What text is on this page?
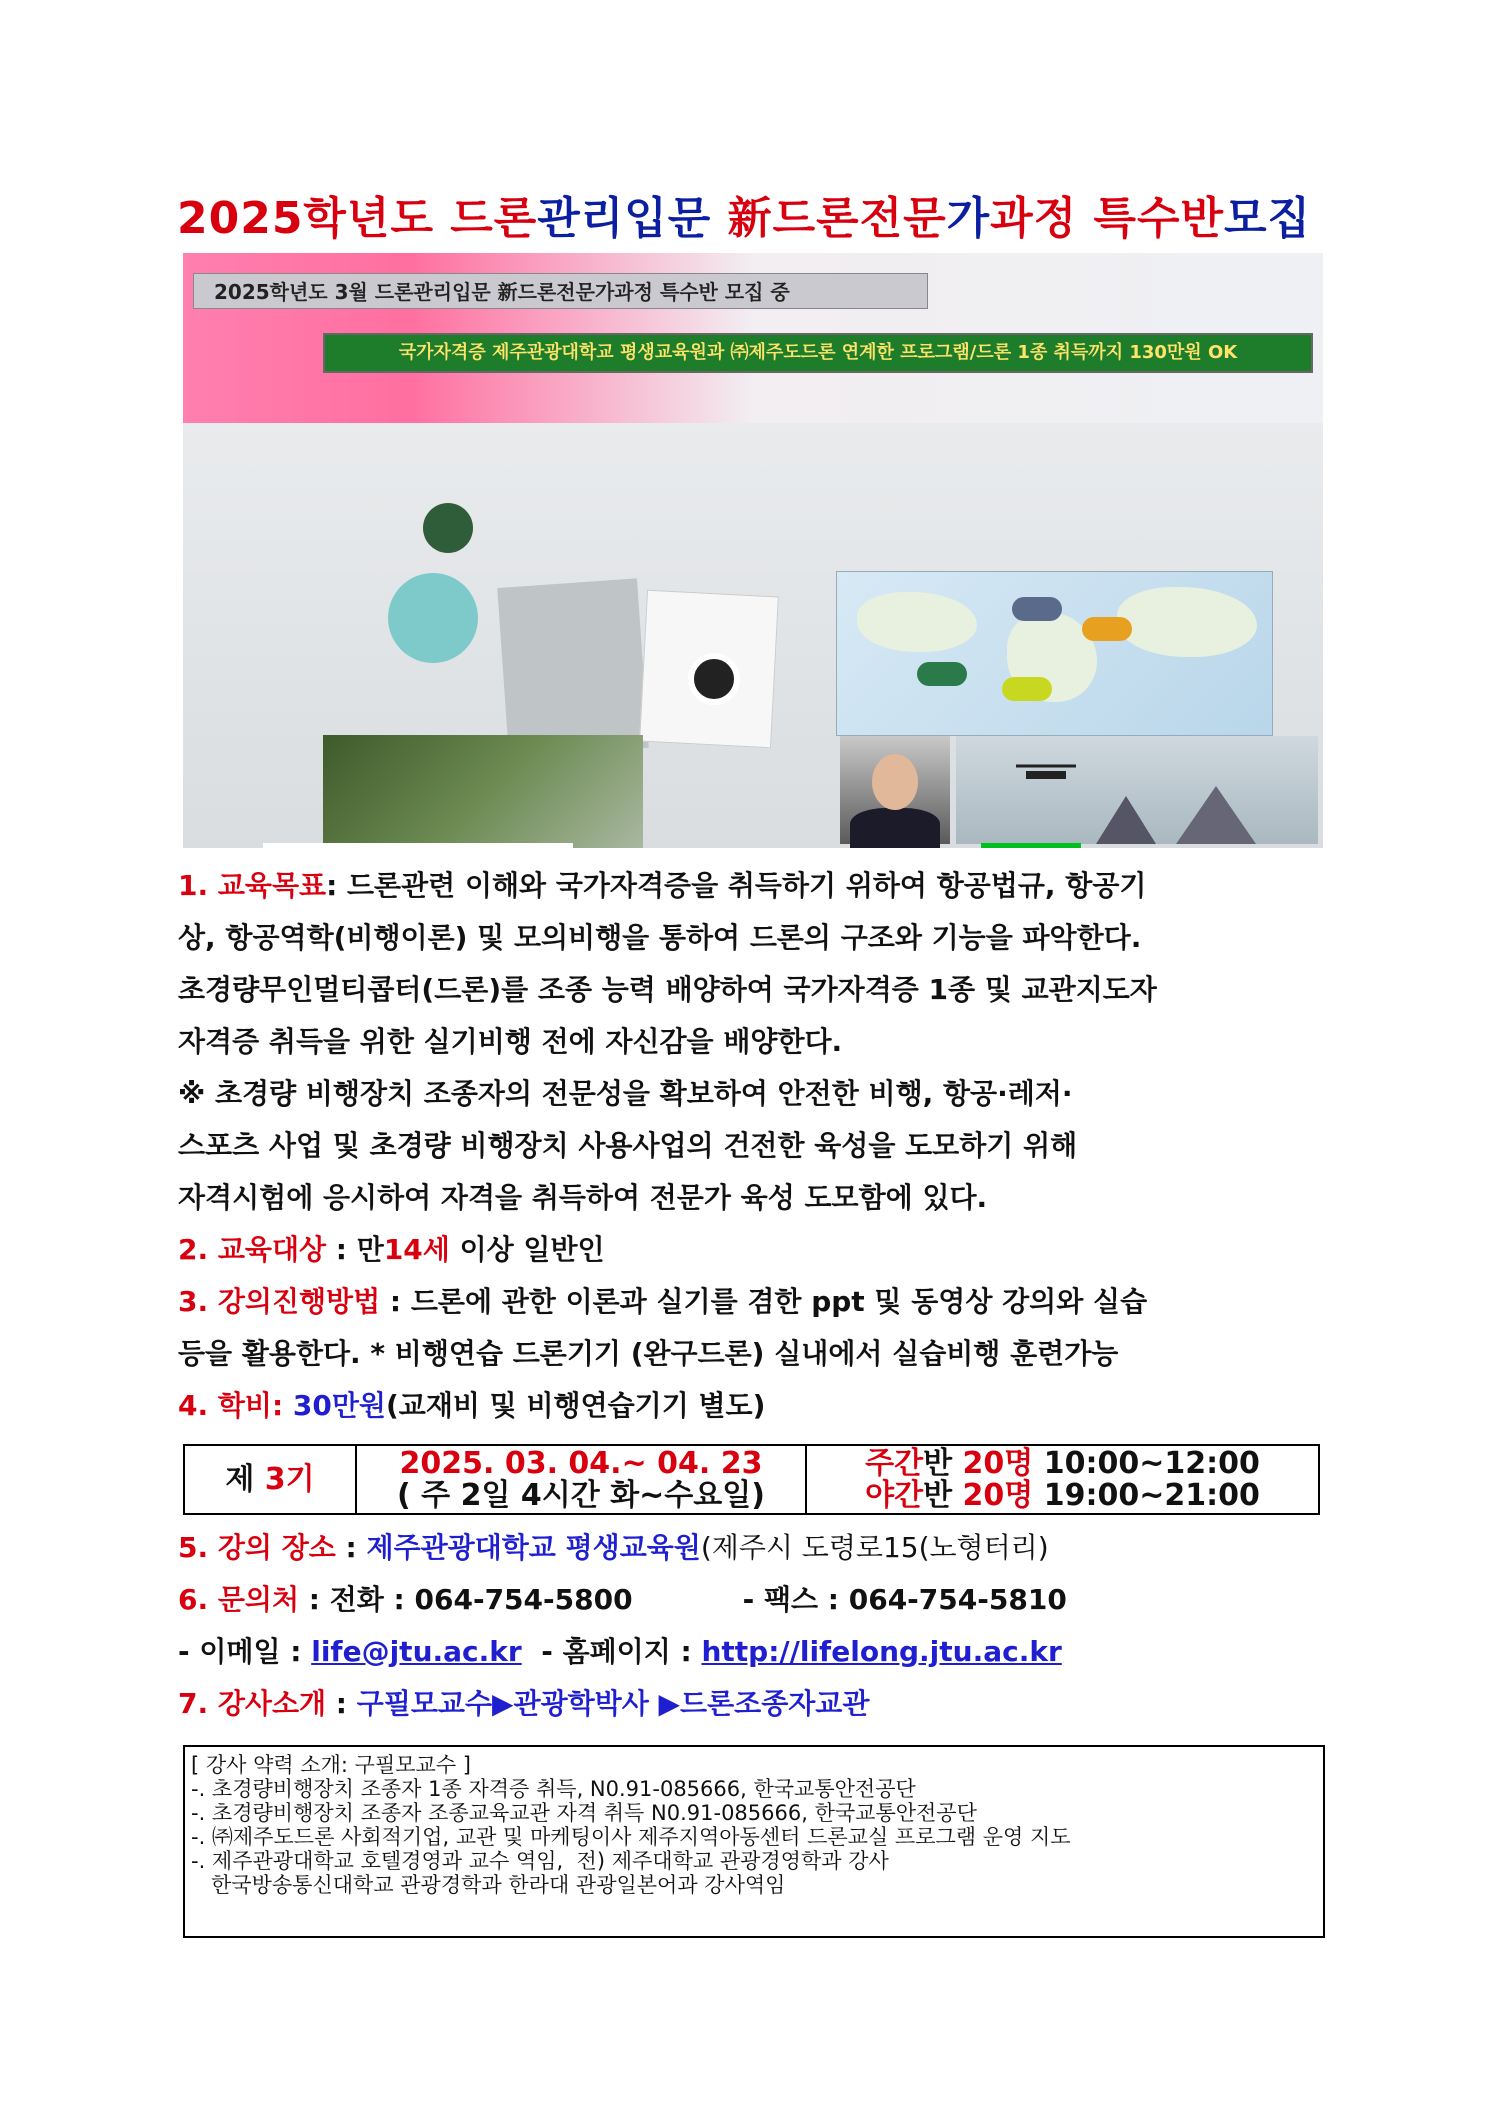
2025학년도 드론관리입문 新드론전문가과정 특수반모집
2025학년도 3월 드론관리입문 新드론전문가과정 특수반 모집 중
국가자격증 제주관광대학교 평생교육원과 ㈜제주도드론 연계한 프로그램/드론 1종 취득까지 130만원 OK
1. 교육목표: 드론관련 이해와 국가자격증을 취득하기 위하여 항공법규, 항공기
상, 항공역학(비행이론) 및 모의비행을 통하여 드론의 구조와 기능을 파악한다.
초경량무인멀티콥터(드론)를 조종 능력 배양하여 국가자격증 1종 및 교관지도자
자격증 취득을 위한 실기비행 전에 자신감을 배양한다.
※ 초경량 비행장치 조종자의 전문성을 확보하여 안전한 비행, 항공·레저·
스포츠 사업 및 초경량 비행장치 사용사업의 건전한 육성을 도모하기 위해
자격시험에 응시하여 자격을 취득하여 전문가 육성 도모함에 있다.
2. 교육대상 : 만14세 이상 일반인
3. 강의진행방법 : 드론에 관한 이론과 실기를 겸한 ppt 및 동영상 강의와 실습
등을 활용한다. * 비행연습 드론기기 (완구드론) 실내에서 실습비행 훈련가능
4. 학비: 30만원(교재비 및 비행연습기기 별도)
제 3기	2025. 03. 04.~ 04. 23
( 주 2일 4시간 화~수요일)
주간반 20명 10:00~12:00
야간반 20명 19:00~21:00
5. 강의 장소 : 제주관광대학교 평생교육원(제주시 도령로15(노형터리)
6. 문의처 : 전화 : 064-754-5800	- 팩스 : 064-754-5810
- 이메일 : life@jtu.ac.kr  - 홈페이지 : http://lifelong.jtu.ac.kr
7. 강사소개 : 구필모교수▶관광학박사 ▶드론조종자교관
[ 강사 약력 소개: 구필모교수 ]
-. 초경량비행장치 조종자 1종 자격증 취득, N0.91-085666, 한국교통안전공단
-. 초경량비행장치 조종자 조종교육교관 자격 취득 N0.91-085666, 한국교통안전공단
-. ㈜제주도드론 사회적기업, 교관 및 마케팅이사 제주지역아동센터 드론교실 프로그램 운영 지도
-. 제주관광대학교 호텔경영과 교수 역임,  전) 제주대학교 관광경영학과 강사
한국방송통신대학교 관광경학과 한라대 관광일본어과 강사역임
